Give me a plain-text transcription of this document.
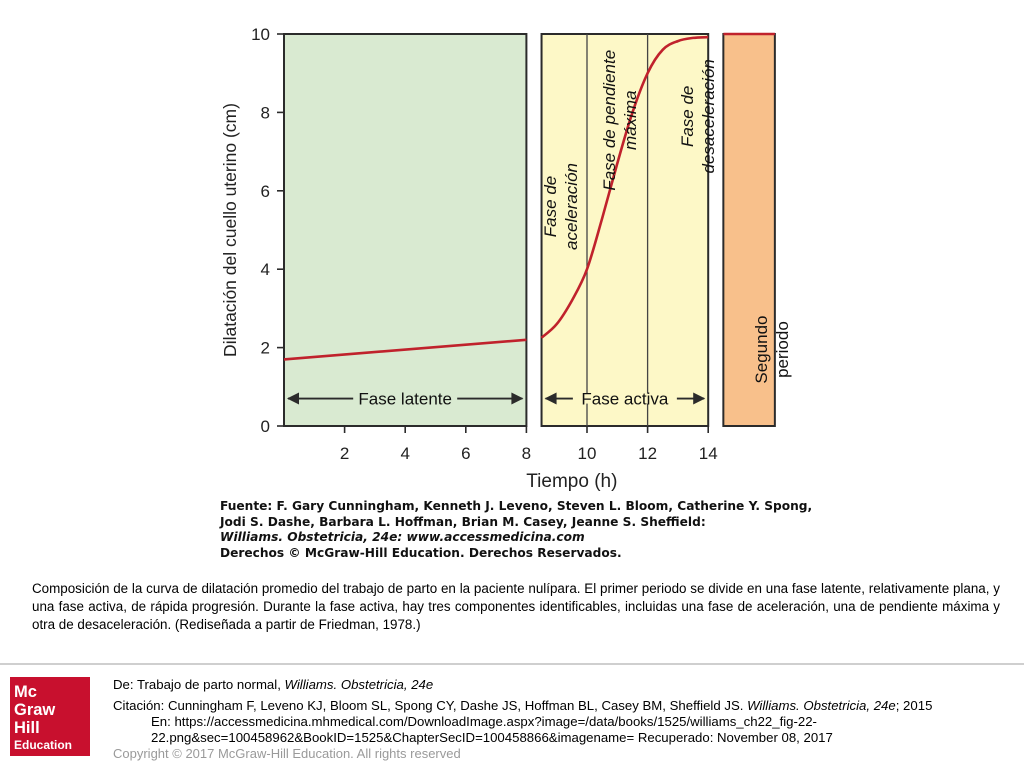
Fase latente	Fase activa
0
2
4
6
8
10
2	4	6	8	10 12 14
Tiempo (h)
Dilatación del cuello uterino (cm)	Fase de aceleración
Fase de pendiente máxima Fase de desaceleración
Segundo periodo
Fuente: F. Gary Cunningham, Kenneth J. Leveno, Steven L. Bloom, Catherine Y. Spong,
Jodi S. Dashe, Barbara L. Hoffman, Brian M. Casey, Jeanne S. Sheffield:
Williams. Obstetricia, 24e: www.accessmedicina.com
Derechos © McGraw-Hill Education. Derechos Reservados.
Composición de la curva de dilatación promedio del trabajo de parto en la paciente nulípara. El primer periodo se divide en una fase latente, relativamente plana, y una fase activa, de rápida progresión. Durante la fase activa, hay tres componentes identificables, incluidas una fase de aceleración, una de pendiente máxima y otra de desaceleración. (Rediseñada a partir de Friedman, 1978.)
Mc
Graw
Hill
Education
De: Trabajo de parto normal, Williams. Obstetricia, 24e
Citación: Cunningham F, Leveno KJ, Bloom SL, Spong CY, Dashe JS, Hoffman BL, Casey BM, Sheffield JS. Williams. Obstetricia, 24e; 2015
En: https://accessmedicina.mhmedical.com/DownloadImage.aspx?image=/data/books/1525/williams_ch22_fig-22-
22.png&sec=100458962&BookID=1525&ChapterSecID=100458866&imagename= Recuperado: November 08, 2017
Copyright © 2017 McGraw-Hill Education. All rights reserved
